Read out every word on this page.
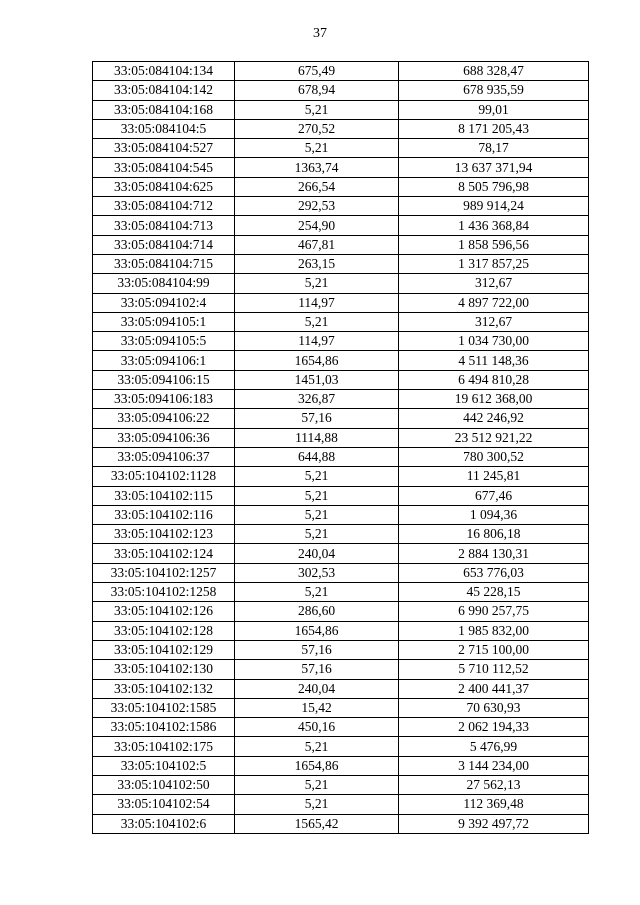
37
33:05:084104:134	675,49	688 328,47
33:05:084104:142	678,94	678 935,59
33:05:084104:168	5,21	99,01
33:05:084104:5	270,52	8 171 205,43
33:05:084104:527	5,21	78,17
33:05:084104:545	1363,74	13 637 371,94
33:05:084104:625	266,54	8 505 796,98
33:05:084104:712	292,53	989 914,24
33:05:084104:713	254,90	1 436 368,84
33:05:084104:714	467,81	1 858 596,56
33:05:084104:715	263,15	1 317 857,25
33:05:084104:99	5,21	312,67
33:05:094102:4	114,97	4 897 722,00
33:05:094105:1	5,21	312,67
33:05:094105:5	114,97	1 034 730,00
33:05:094106:1	1654,86	4 511 148,36
33:05:094106:15	1451,03	6 494 810,28
33:05:094106:183	326,87	19 612 368,00
33:05:094106:22	57,16	442 246,92
33:05:094106:36	1114,88	23 512 921,22
33:05:094106:37	644,88	780 300,52
33:05:104102:1128	5,21	11 245,81
33:05:104102:115	5,21	677,46
33:05:104102:116	5,21	1 094,36
33:05:104102:123	5,21	16 806,18
33:05:104102:124	240,04	2 884 130,31
33:05:104102:1257	302,53	653 776,03
33:05:104102:1258	5,21	45 228,15
33:05:104102:126	286,60	6 990 257,75
33:05:104102:128	1654,86	1 985 832,00
33:05:104102:129	57,16	2 715 100,00
33:05:104102:130	57,16	5 710 112,52
33:05:104102:132	240,04	2 400 441,37
33:05:104102:1585	15,42	70 630,93
33:05:104102:1586	450,16	2 062 194,33
33:05:104102:175	5,21	5 476,99
33:05:104102:5	1654,86	3 144 234,00
33:05:104102:50	5,21	27 562,13
33:05:104102:54	5,21	112 369,48
33:05:104102:6	1565,42	9 392 497,72
